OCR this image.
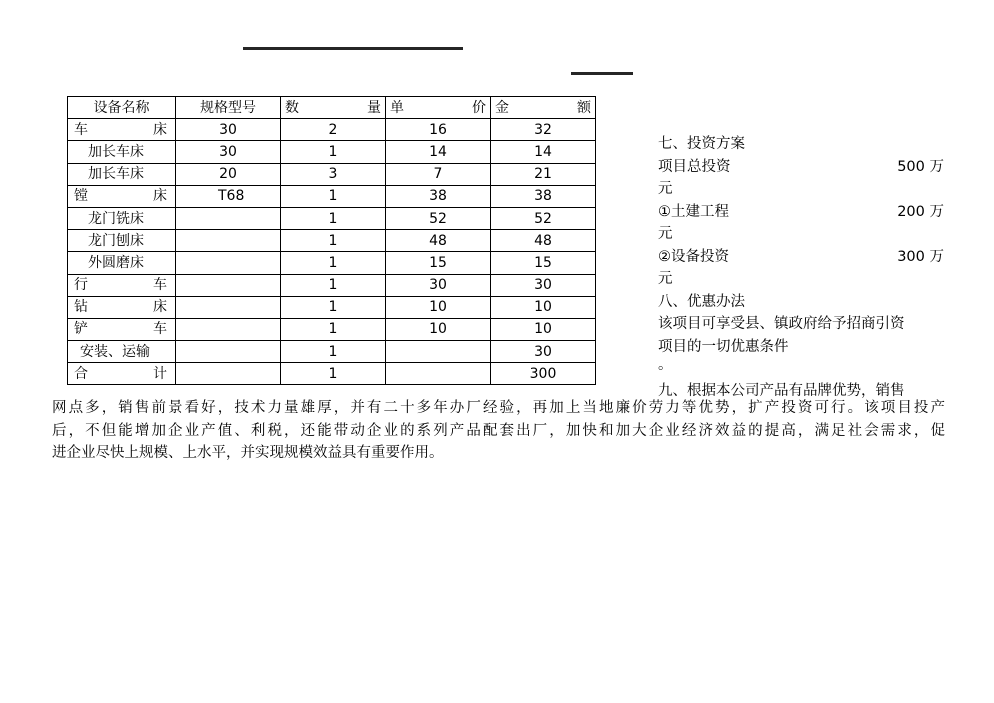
设备名称	规格型号	数　　量	单　　价	金　　额
车　　床	30	2	16	32
加长车床	30	1	14	14
加长车床	20	3	7	21
镗　　床	T68	1	38	38
龙门铣床		1	52	52
龙门刨床		1	48	48
外圆磨床		1	15	15
行　　车		1	30	30
钻　　床		1	10	10
铲　　车		1	10	10
安装、运输		1		30
合　　计		1		300
七、投资方案
项目总投资	500 万
元
①土建工程	200 万
元
②设备投资	300 万
元
八、优惠办法
该项目可享受县、镇政府给予招商引资
项目的一切优惠条件
。
九、根据本公司产品有品牌优势，销售
网点多，销售前景看好，技术力量雄厚，并有二十多年办厂经验，再加上当地廉价劳力等优势，扩产投资可行。该项目投产
后，不但能增加企业产值、利税，还能带动企业的系列产品配套出厂，加快和加大企业经济效益的提高，满足社会需求，促
进企业尽快上规模、上水平，并实现规模效益具有重要作用。
